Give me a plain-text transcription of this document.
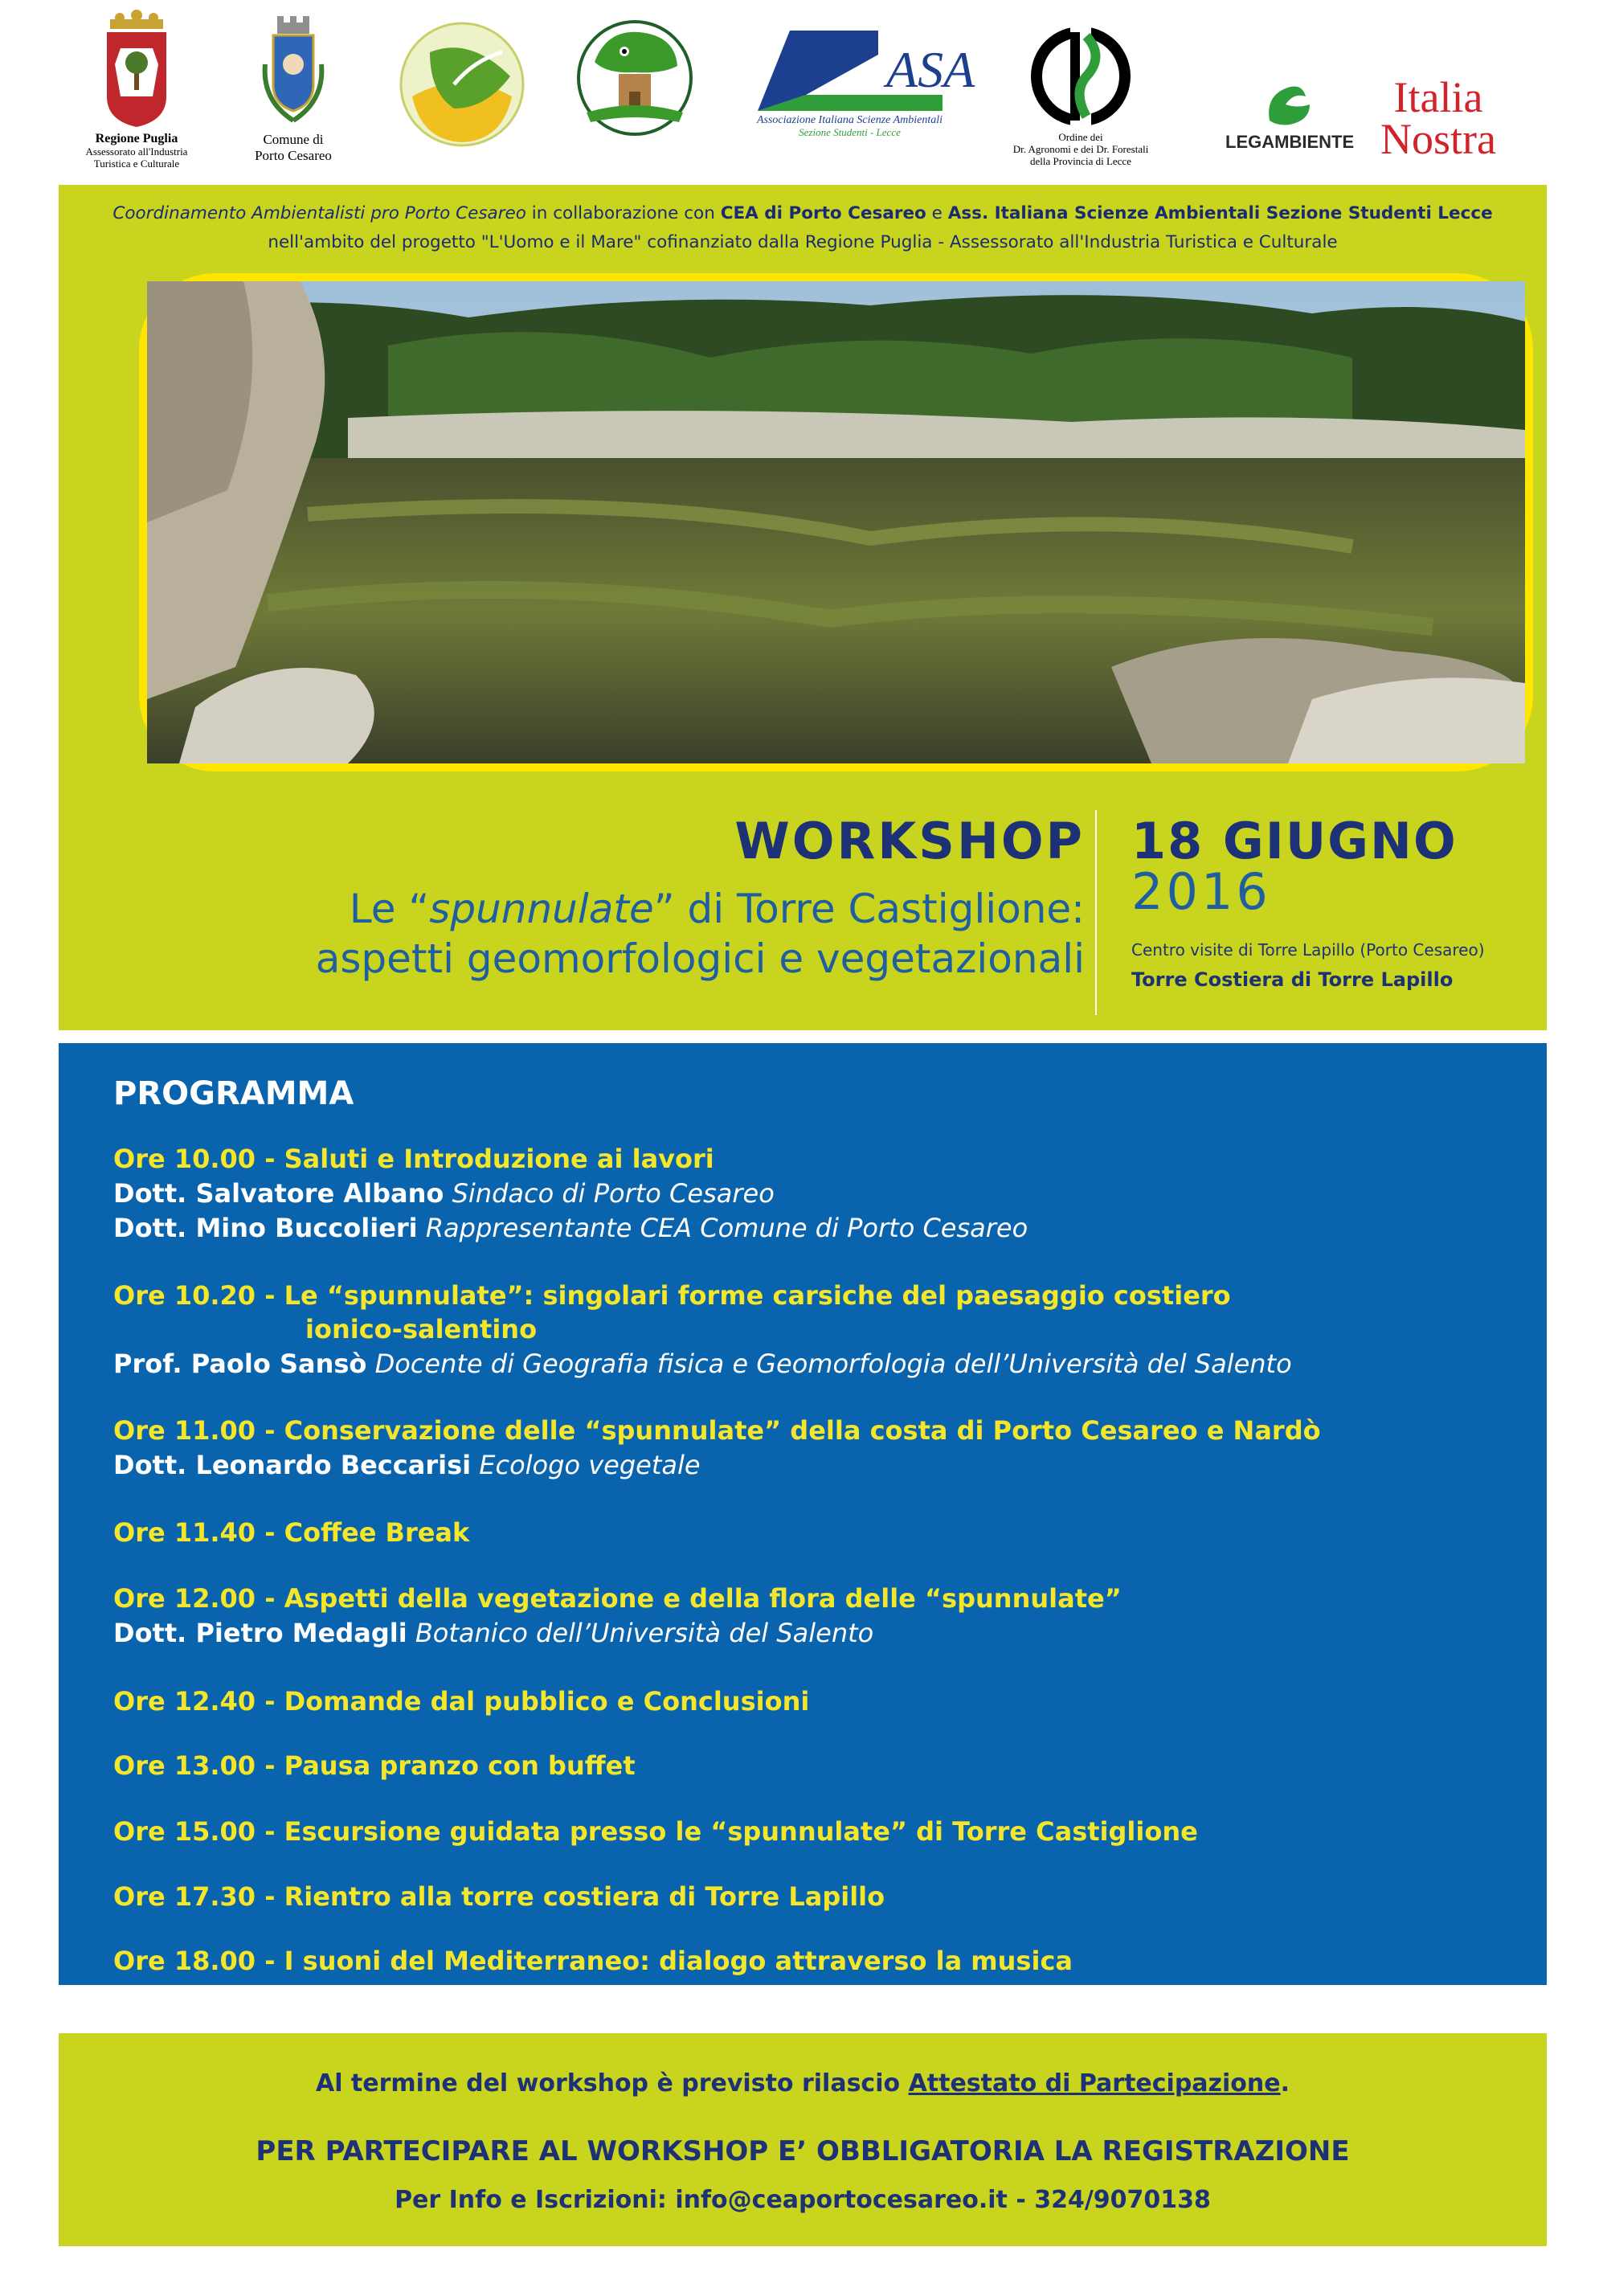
Regione Puglia
Assessorato all'Industria
Turistica e Culturale
Comune di
Porto Cesareo
ASA
Associazione Italiana Scienze Ambientali
Sezione Studenti - Lecce	Ordine dei
Dr. Agronomi e dei Dr. Forestali
della Provincia di Lecce
LEGAMBIENTE
Italia
Nostra
Coordinamento Ambientalisti pro Porto Cesareo in collaborazione con CEA di Porto Cesareo e Ass. Italiana Scienze Ambientali Sezione Studenti Lecce
nell'ambito del progetto "L'Uomo e il Mare" cofinanziato dalla Regione Puglia - Assessorato all'Industria Turistica e Culturale
WORKSHOP
Le “spunnulate” di Torre Castiglione:
aspetti geomorfologici e vegetazionali
18 GIUGNO
2016
Centro visite di Torre Lapillo (Porto Cesareo)
Torre Costiera di Torre Lapillo
PROGRAMMA
Ore 10.00 - Saluti e Introduzione ai lavori
Dott. Salvatore Albano Sindaco di Porto Cesareo
Dott. Mino Buccolieri Rappresentante CEA Comune di Porto Cesareo
Ore 10.20 - Le “spunnulate”: singolari forme carsiche del paesaggio costiero
ionico-salentino
Prof. Paolo Sansò Docente di Geografia fisica e Geomorfologia dell’Università del Salento
Ore 11.00 - Conservazione delle “spunnulate” della costa di Porto Cesareo e Nardò
Dott. Leonardo Beccarisi Ecologo vegetale
Ore 11.40 - Coffee Break
Ore 12.00 - Aspetti della vegetazione e della flora delle “spunnulate”
Dott. Pietro Medagli Botanico dell’Università del Salento
Ore 12.40 - Domande dal pubblico e Conclusioni
Ore 13.00 - Pausa pranzo con buffet
Ore 15.00 - Escursione guidata presso le “spunnulate” di Torre Castiglione
Ore 17.30 - Rientro alla torre costiera di Torre Lapillo
Ore 18.00 - I suoni del Mediterraneo: dialogo attraverso la musica
Al termine del workshop è previsto rilascio Attestato di Partecipazione.
PER PARTECIPARE AL WORKSHOP E’ OBBLIGATORIA LA REGISTRAZIONE
Per Info e Iscrizioni: info@ceaportocesareo.it - 324/9070138
